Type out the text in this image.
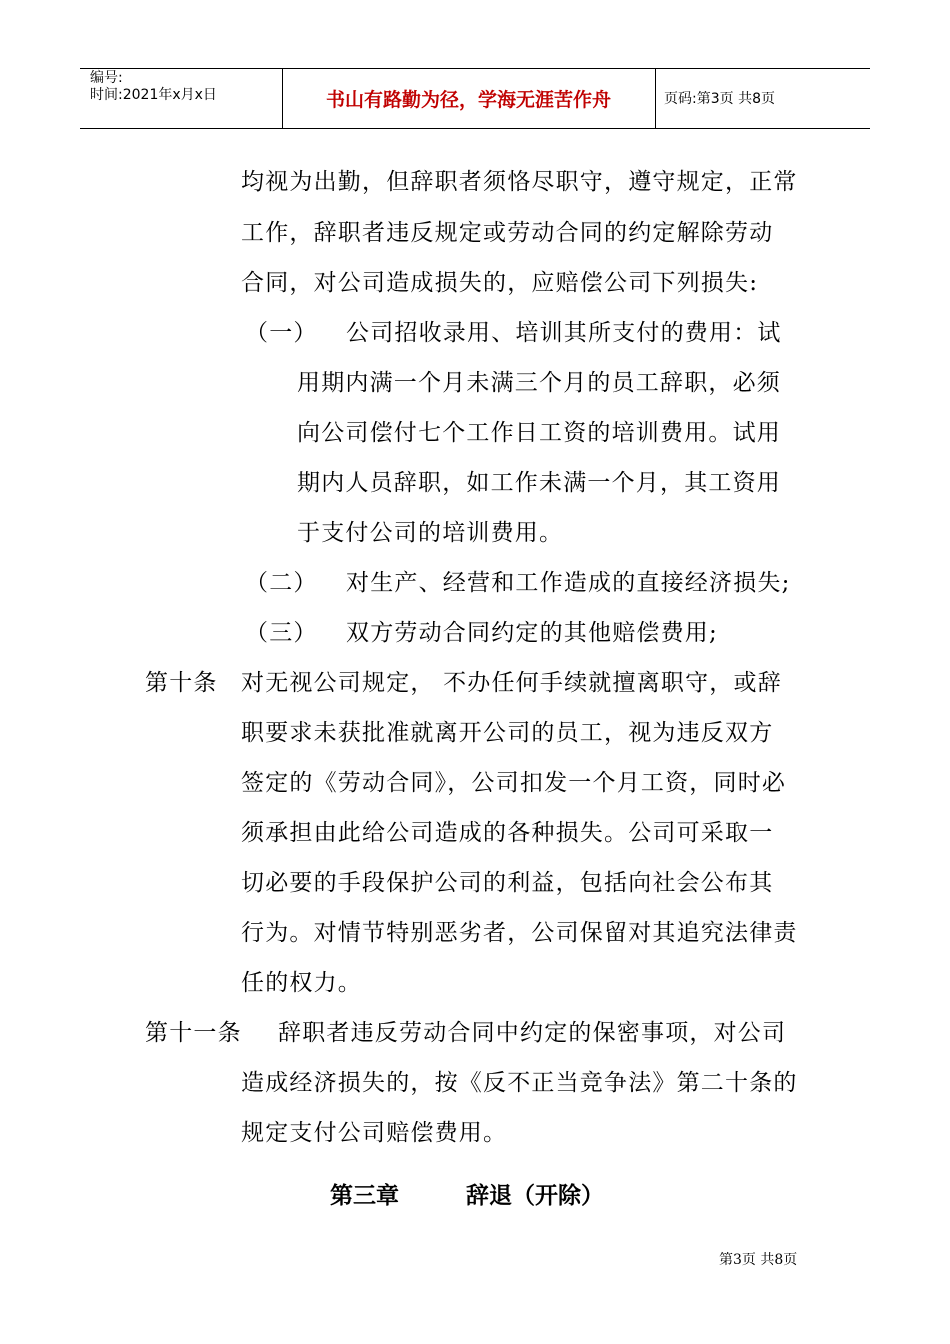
编号:
时间:2021年x月x日	书山有路勤为径，学海无涯苦作舟	页码:第3页 共8页
均视为出勤，但辞职者须恪尽职守，遵守规定，正常
工作，辞职者违反规定或劳动合同的约定解除劳动
合同，对公司造成损失的，应赔偿公司下列损失:
（一） 公司招收录用、培训其所支付的费用：试
用期内满一个月未满三个月的员工辞职，必须
向公司偿付七个工作日工资的培训费用。试用
期内人员辞职，如工作未满一个月，其工资用
于支付公司的培训费用。
（二） 对生产、经营和工作造成的直接经济损失;
（三） 双方劳动合同约定的其他赔偿费用;
第十条 对无视公司规定， 不办任何手续就擅离职守，或辞
职要求未获批准就离开公司的员工，视为违反双方
签定的《劳动合同》，公司扣发一个月工资，同时必
须承担由此给公司造成的各种损失。公司可采取一
切必要的手段保护公司的利益，包括向社会公布其
行为。对情节特别恶劣者，公司保留对其追究法律责
任的权力。
第十一条 辞职者违反劳动合同中约定的保密事项，对公司
造成经济损失的，按《反不正当竞争法》第二十条的
规定支付公司赔偿费用。
第三章	辞退（开除）
第3页 共8页
